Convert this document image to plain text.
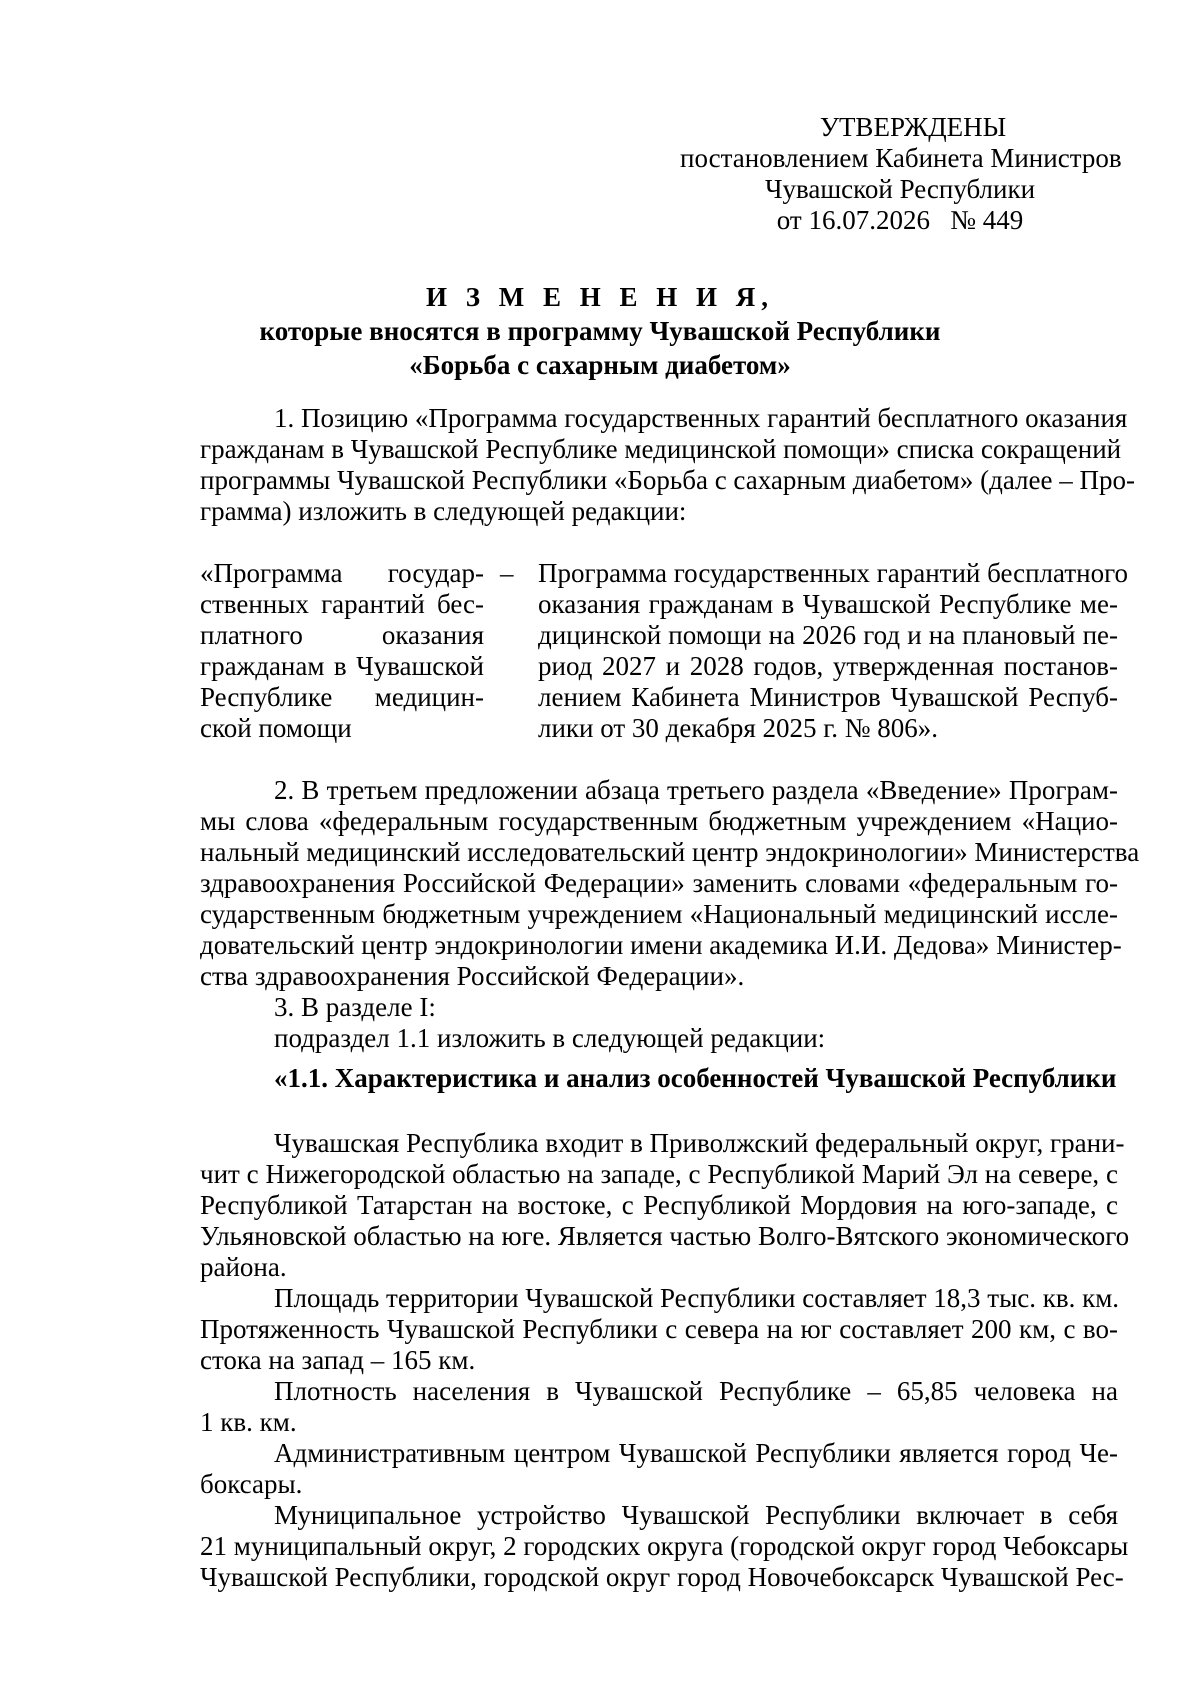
УТВЕРЖДЕНЫ
постановлением Кабинета Министров
Чувашской Республики
от 16.07.2026   № 449
И З М Е Н Е Н И Я,
которые вносятся в программу Чувашской Республики
«Борьба с сахарным диабетом»
1. Позицию «Программа государственных гарантий бесплатного оказания
гражданам в Чувашской Республике медицинской помощи» списка сокращений
программы Чувашской Республики «Борьба с сахарным диабетом» (далее – Про-
грамма) изложить в следующей редакции:
«Программа государ-
ственных гарантий бес-
платного оказания
гражданам в Чувашской
Республике медицин-
ской помощи
– Программа государственных гарантий бесплатного
оказания гражданам в Чувашской Республике ме-
дицинской помощи на 2026 год и на плановый пе-
риод 2027 и 2028 годов, утвержденная постанов-
лением Кабинета Министров Чувашской Респуб-
лики от 30 декабря 2025 г. № 806».
2. В третьем предложении абзаца третьего раздела «Введение» Програм-
мы слова «федеральным государственным бюджетным учреждением «Нацио-
нальный медицинский исследовательский центр эндокринологии» Министерства
здравоохранения Российской Федерации» заменить словами «федеральным го-
сударственным бюджетным учреждением «Национальный медицинский иссле-
довательский центр эндокринологии имени академика И.И. Дедова» Министер-
ства здравоохранения Российской Федерации».
3. В разделе I:
подраздел 1.1 изложить в следующей редакции:
«1.1. Характеристика и анализ особенностей Чувашской Республики
Чувашская Республика входит в Приволжский федеральный округ, грани-
чит с Нижегородской областью на западе, с Республикой Марий Эл на севере, с
Республикой Татарстан на востоке, с Республикой Мордовия на юго-западе, с
Ульяновской областью на юге. Является частью Волго-Вятского экономического
района.
Площадь территории Чувашской Республики составляет 18,3 тыс. кв. км.
Протяженность Чувашской Республики с севера на юг составляет 200 км, с во-
стока на запад – 165 км.
Плотность населения в Чувашской Республике – 65,85 человека на
1 кв. км.
Административным центром Чувашской Республики является город Че-
боксары.
Муниципальное устройство Чувашской Республики включает в себя
21 муниципальный округ, 2 городских округа (городской округ город Чебоксары
Чувашской Республики, городской округ город Новочебоксарск Чувашской Рес-
